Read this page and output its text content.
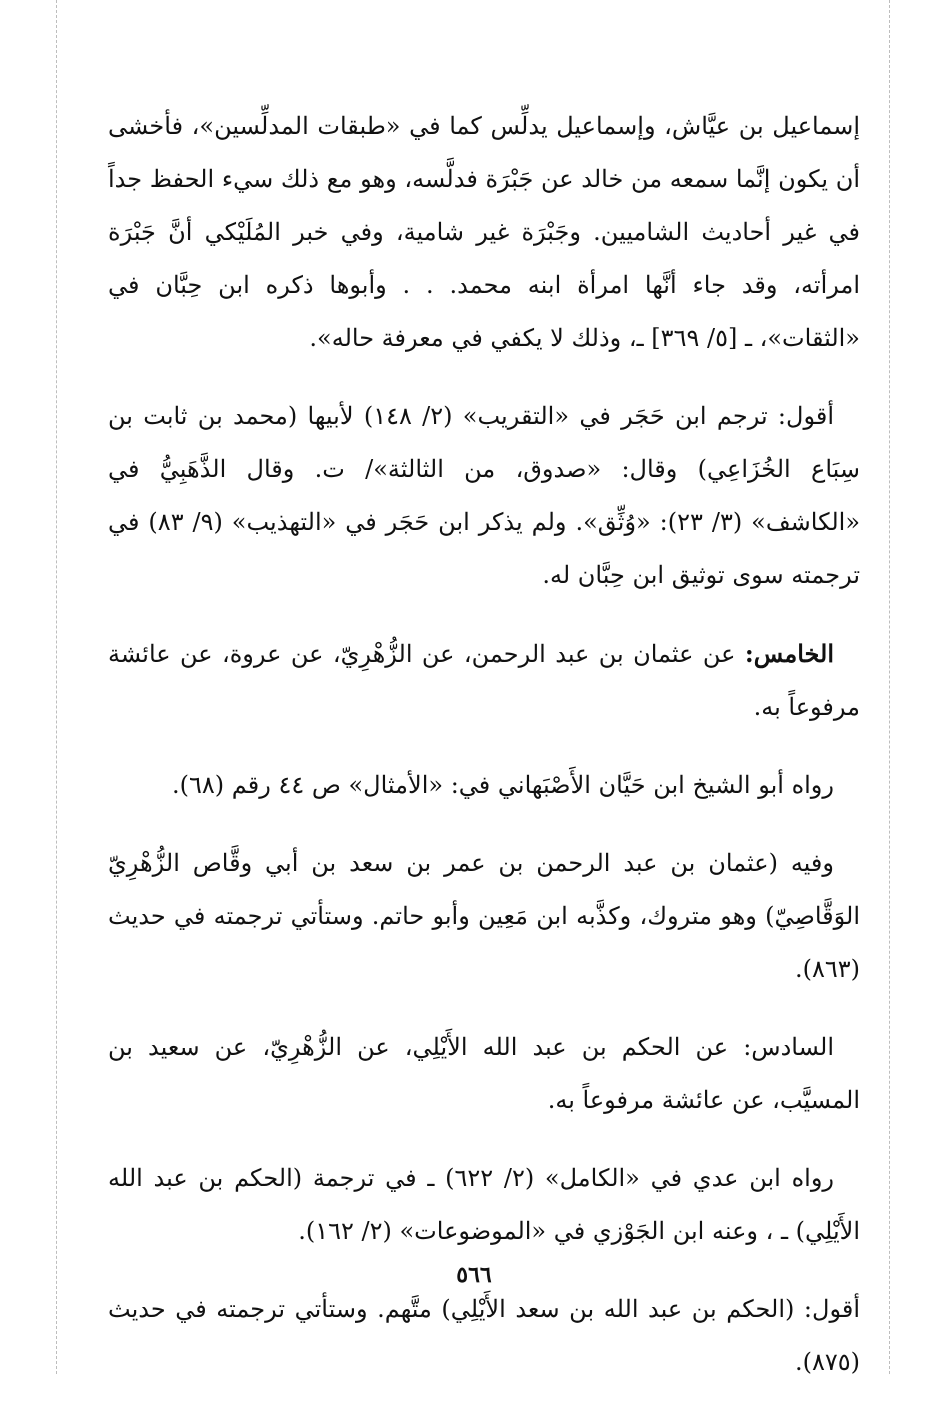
إسماعيل بن عيَّاش، وإسماعيل يدلِّس كما في «طبقات المدلِّسين»، فأخشى أن يكون إنَّما سمعه من خالد عن جَبْرَة فدلَّسه، وهو مع ذلك سيء الحفظ جداً في غير أحاديث الشاميين. وجَبْرَة غير شامية، وفي خبر المُلَيْكي أنَّ جَبْرَة امرأته، وقد جاء أنَّها امرأة ابنه محمد. . . وأبوها ذكره ابن حِبَّان في «الثقات»، ـ [٥/ ٣٦٩] ـ، وذلك لا يكفي في معرفة حاله».

أقول: ترجم ابن حَجَر في «التقريب» (٢/ ١٤٨) لأبيها (محمد بن ثابت بن سِبَاع الخُزَاعِي) وقال: «صدوق، من الثالثة»/ ت. وقال الذَّهَبِيُّ في «الكاشف» (٣/ ٢٣): «وُثِّق». ولم يذكر ابن حَجَر في «التهذيب» (٩/ ٨٣) في ترجمته سوى توثيق ابن حِبَّان له.

الخامس: عن عثمان بن عبد الرحمن، عن الزُّهْرِيّ، عن عروة، عن عائشة مرفوعاً به.

رواه أبو الشيخ ابن حَيَّان الأَصْبَهاني في: «الأمثال» ص ٤٤ رقم (٦٨).

وفيه (عثمان بن عبد الرحمن بن عمر بن سعد بن أبي وقَّاص الزُّهْرِيّ الوَقَّاصِيّ) وهو متروك، وكذَّبه ابن مَعِين وأبو حاتم. وستأتي ترجمته في حديث (٨٦٣).

السادس: عن الحكم بن عبد الله الأَيْلِي، عن الزُّهْرِيّ، عن سعيد بن المسيَّب، عن عائشة مرفوعاً به.

رواه ابن عدي في «الكامل» (٢/ ٦٢٢) ـ في ترجمة (الحكم بن عبد الله الأَيْلِي) ـ ، وعنه ابن الجَوْزي في «الموضوعات» (٢/ ١٦٢).

أقول: (الحكم بن عبد الله بن سعد الأَيْلِي) متَّهم. وستأتي ترجمته في حديث (٨٧٥).

٥٦٦
